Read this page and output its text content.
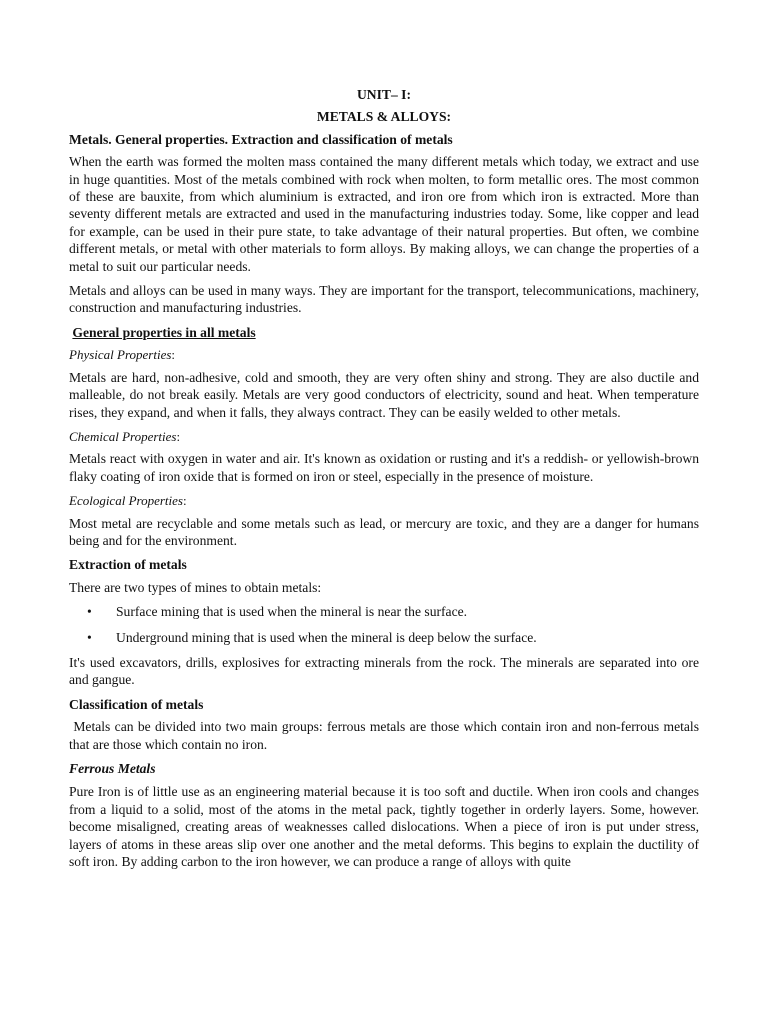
UNIT– I:

METALS & ALLOYS:

Metals. General properties. Extraction and classification of metals

When the earth was formed the molten mass contained the many different metals which today, we extract and use in huge quantities. Most of the metals combined with rock when molten, to form metallic ores. The most common of these are bauxite, from which aluminium is extracted, and iron ore from which iron is extracted. More than seventy different metals are extracted and used in the manufacturing industries today. Some, like copper and lead for example, can be used in their pure state, to take advantage of their natural properties. But often, we combine different metals, or metal with other materials to form alloys. By making alloys, we can change the properties of a metal to suit our particular needs.

Metals and alloys can be used in many ways. They are important for the transport, telecommunications, machinery, construction and manufacturing industries.

General properties in all metals

Physical Properties:

Metals are hard, non-adhesive, cold and smooth, they are very often shiny and strong. They are also ductile and malleable, do not break easily. Metals are very good conductors of electricity, sound and heat. When temperature rises, they expand, and when it falls, they always contract. They can be easily welded to other metals.

Chemical Properties:

Metals react with oxygen in water and air. It's known as oxidation or rusting and it's a reddish- or yellowish-brown flaky coating of iron oxide that is formed on iron or steel, especially in the presence of moisture.

Ecological Properties:

Most metal are recyclable and some metals such as lead, or mercury are toxic, and they are a danger for humans being and for the environment.

Extraction of metals

There are two types of mines to obtain metals:

• Surface mining that is used when the mineral is near the surface.
• Underground mining that is used when the mineral is deep below the surface.

It's used excavators, drills, explosives for extracting minerals from the rock. The minerals are separated into ore and gangue.

Classification of metals

Metals can be divided into two main groups: ferrous metals are those which contain iron and non-ferrous metals that are those which contain no iron.

Ferrous Metals

Pure Iron is of little use as an engineering material because it is too soft and ductile. When iron cools and changes from a liquid to a solid, most of the atoms in the metal pack, tightly together in orderly layers. Some, however. become misaligned, creating areas of weaknesses called dislocations. When a piece of iron is put under stress, layers of atoms in these areas slip over one another and the metal deforms. This begins to explain the ductility of soft iron. By adding carbon to the iron however, we can produce a range of alloys with quite
